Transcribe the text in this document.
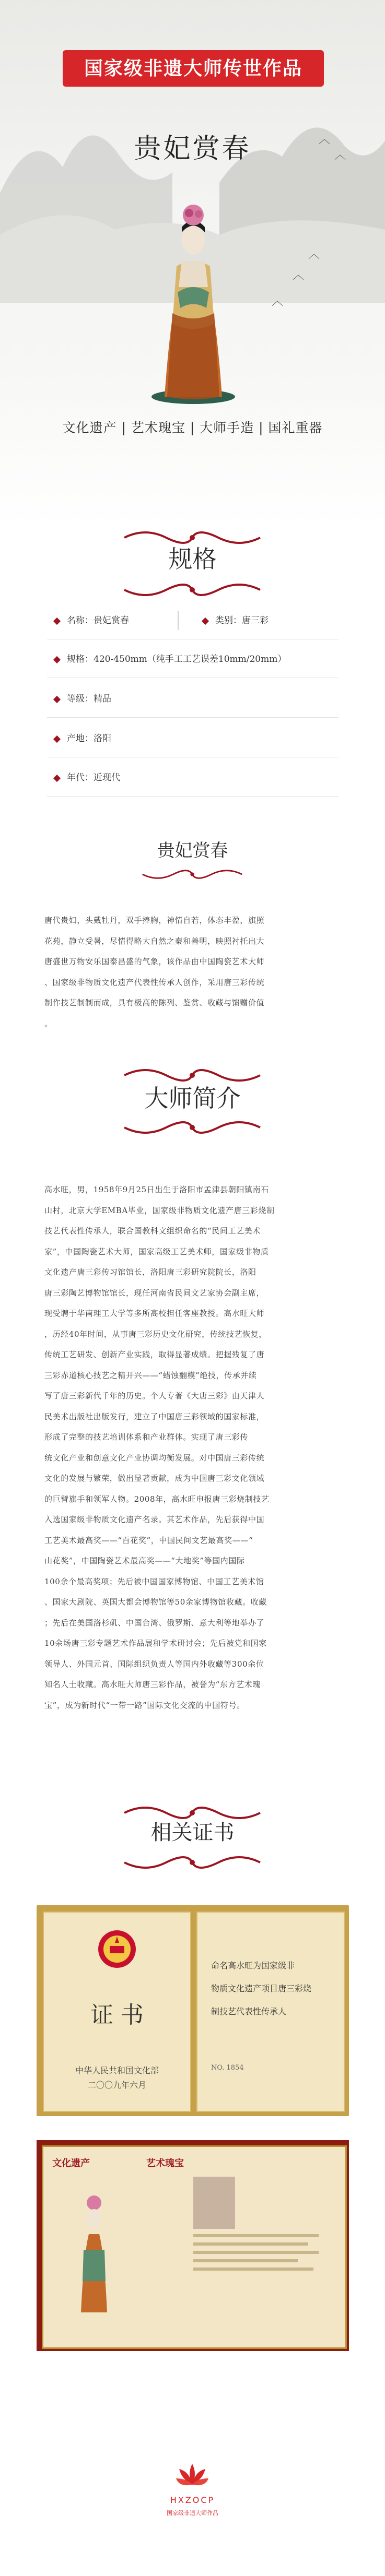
︿
︿
︿
︿
︿
国家级非遗大师传世作品
贵妃赏春
文化遗产 | 艺术瑰宝 | 大师手造 | 国礼重器
规格
名称：贵妃赏春	类别：唐三彩
规格：420-450mm（纯手工工艺误差10mm/20mm）
等级：精品
产地：洛阳
年代：近现代
贵妃赏春
唐代贵妇，头戴牡丹，双手捧胸，神情自若，体态丰盈，旗照
花苑，静立受暑，尽情得略大自然之秦和善明，映照衬托出大
唐盛世万物安乐国泰昌盛的气象，该作品由中国陶瓷艺术大师
、国家级非物质文化遗产代表性传承人创作，采用唐三彩传统
制作技艺制制而成，具有极高的陈列、鉴赏、收藏与馈赠价值
。
大师简介
高水旺，男，1958年9月25日出生于洛阳市孟津县朝阳镇南石
山村，北京大学EMBA毕业，国家级非物质文化遗产唐三彩烧制
技艺代表性传承人，联合国教科文组织命名的“民间工艺美术
家”，中国陶瓷艺术大师，国家高级工艺美术师，国家级非物质
文化遗产唐三彩传习馆馆长，洛阳唐三彩研究院院长，洛阳
唐三彩陶艺博物馆馆长，现任河南省民间文艺家协会副主席，
现受聘于华南理工大学等多所高校担任客座教授。高水旺大师
，历经40年时间，从事唐三彩历史文化研究，传统技艺恢复，
传统工艺研发、创新产业实践，取得显著成绩。把握残复了唐
三彩赤道核心技艺之精开兴——“蜡蚀翻模”绝技，传承并续
写了唐三彩新代千年的历史。个人专著《大唐三彩》由天津人
民美术出版社出版发行，建立了中国唐三彩领域的国家标准，
形成了完整的技艺培训体系和产业群体。实现了唐三彩传
统文化产业和创意文化产业协调均衡发展。对中国唐三彩传统
文化的发展与繁荣，做出显著贡献，成为中国唐三彩文化领域
的巨臂旗手和领军人物。2008年，高水旺申报唐三彩烧制技艺
入选国家级非物质文化遗产名录。其艺术作品，先后获得中国
工艺美术最高奖——“百花奖”，中国民间文艺最高奖——“
山花奖”，中国陶瓷艺术最高奖——“大地奖”等国内国际
100余个最高奖项；先后被中国国家博物馆、中国工艺美术馆
、国家大剧院、英国大都会博物馆等50余家博物馆收藏。收藏
；先后在美国洛杉矶、中国台湾、俄罗斯、意大利等地举办了
10余场唐三彩专题艺术作品展和学术研讨会；先后被党和国家
领导人、外国元首、国际组织负责人等国内外收藏等300余位
知名人士收藏。高水旺大师唐三彩作品，被誉为“东方艺术瑰
宝”，成为新时代“一带一路”国际文化交流的中国符号。
相关证书
证 书
中华人民共和国文化部
二〇〇九年六月
命名高水旺为国家级非
物质文化遗产项目唐三彩烧
制技艺代表性传承人
NO. 1854
文化遗产	艺术瑰宝
HXZOCP
国家级非遗大师作品
